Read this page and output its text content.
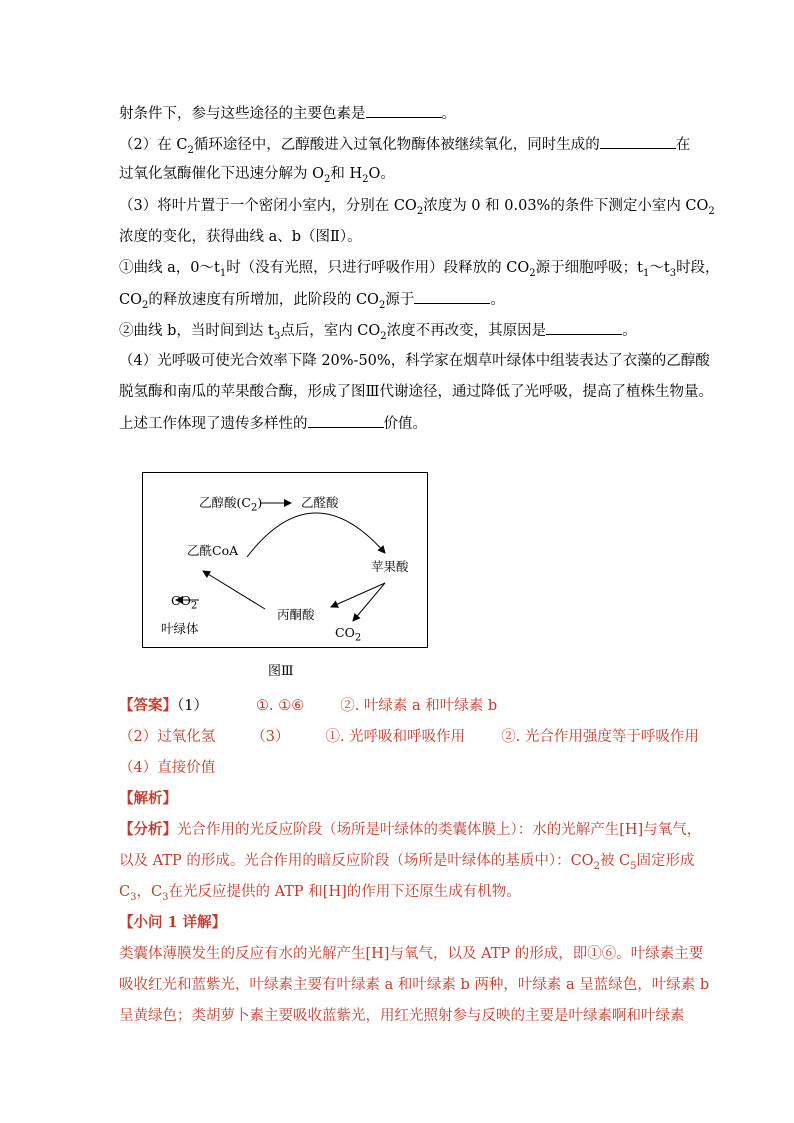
射条件下，参与这些途径的主要色素是	。
（2）在 $C_2$循环途径中，乙醇酸进入过氧化物酶体被继续氧化，同时生成的	在
过氧化氢酶催化下迅速分解为 $O_2$和 $H_2O$。
（3）将叶片置于一个密闭小室内，分别在 $CO_2$浓度为 0 和 0.03%的条件下测定小室内 $CO_2$
浓度的变化，获得曲线 a、b（图Ⅱ）。
①曲线 a，$0\sim t_1$时（没有光照，只进行呼吸作用）段释放的 $CO_2$源于细胞呼吸；$t_1\sim t_3$时段，
$CO_2$的释放速度有所增加，此阶段的 $CO_2$源于	。
②曲线 b，当时间到达 $t_3$点后，室内 $CO_2$浓度不再改变，其原因是	。
（4）光呼吸可使光合效率下降 20%-50%，科学家在烟草叶绿体中组装表达了衣藻的乙醇酸
脱氢酶和南瓜的苹果酸合酶，形成了图Ⅲ代谢途径，通过降低了光呼吸，提高了植株生物量。
上述工作体现了遗传多样性的	价值。
乙醇酸$(C_2)$	乙醛酸
乙酰CoA
苹果酸
$CO_2$
丙酮酸
叶绿体	$CO_2$
图Ⅲ
【答案】（1）	①. ①⑥ ②. 叶绿素 a 和叶绿素 b
（2）过氧化氢 （3） ①. 光呼吸和呼吸作用 ②. 光合作用强度等于呼吸作用
（4）直接价值
【解析】
【分析】光合作用的光反应阶段（场所是叶绿体的类囊体膜上）：水的光解产生[H]与氧气，
以及 ATP 的形成。光合作用的暗反应阶段（场所是叶绿体的基质中）：$CO_2$被 $C_5$固定形成
$C_3$，$C_3$在光反应提供的 ATP 和[H]的作用下还原生成有机物。
【小问 1 详解】
类囊体薄膜发生的反应有水的光解产生[H]与氧气，以及 ATP 的形成，即①⑥。叶绿素主要
吸收红光和蓝紫光，叶绿素主要有叶绿素 a 和叶绿素 b 两种，叶绿素 a 呈蓝绿色，叶绿素 b
呈黄绿色；类胡萝卜素主要吸收蓝紫光，用红光照射参与反映的主要是叶绿素啊和叶绿素
